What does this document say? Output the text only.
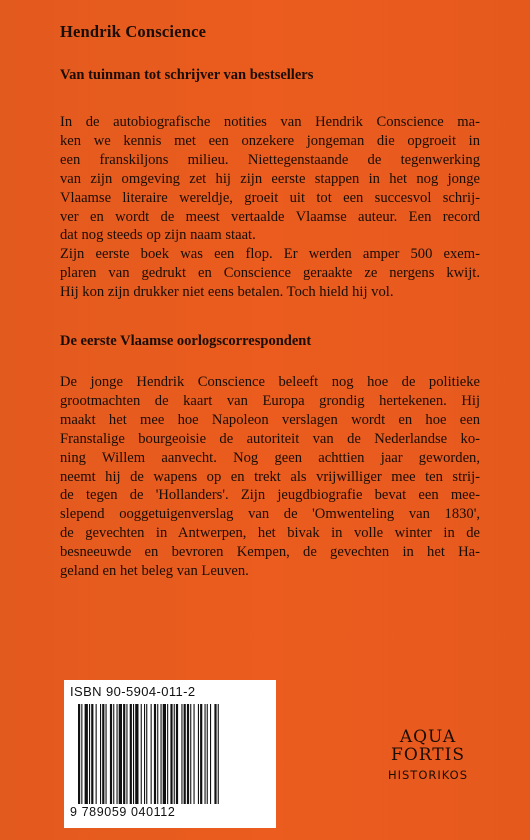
Hendrik Conscience
Van tuinman tot schrijver van bestsellers
In de autobiografische notities van Hendrik Conscience ma-
ken we kennis met een onzekere jongeman die opgroeit in
een franskiljons milieu. Niettegenstaande de tegenwerking
van zijn omgeving zet hij zijn eerste stappen in het nog jonge
Vlaamse literaire wereldje, groeit uit tot een succesvol schrij-
ver en wordt de meest vertaalde Vlaamse auteur. Een record
dat nog steeds op zijn naam staat.
Zijn eerste boek was een flop. Er werden amper 500 exem-
plaren van gedrukt en Conscience geraakte ze nergens kwijt.
Hij kon zijn drukker niet eens betalen. Toch hield hij vol.
De eerste Vlaamse oorlogscorrespondent
De jonge Hendrik Conscience beleeft nog hoe de politieke
grootmachten de kaart van Europa grondig hertekenen. Hij
maakt het mee hoe Napoleon verslagen wordt en hoe een
Franstalige bourgeoisie de autoriteit van de Nederlandse ko-
ning Willem aanvecht. Nog geen achttien jaar geworden,
neemt hij de wapens op en trekt als vrijwilliger mee ten strij-
de tegen de 'Hollanders'. Zijn jeugdbiografie bevat een mee-
slepend ooggetuigenverslag van de 'Omwenteling van 1830',
de gevechten in Antwerpen, het bivak in volle winter in de
besneeuwde en bevroren Kempen, de gevechten in het Ha-
geland en het beleg van Leuven.
ISBN 90-5904-011-2
9 789059 040112
AQUA
FORTIS
HISTORIKOS
